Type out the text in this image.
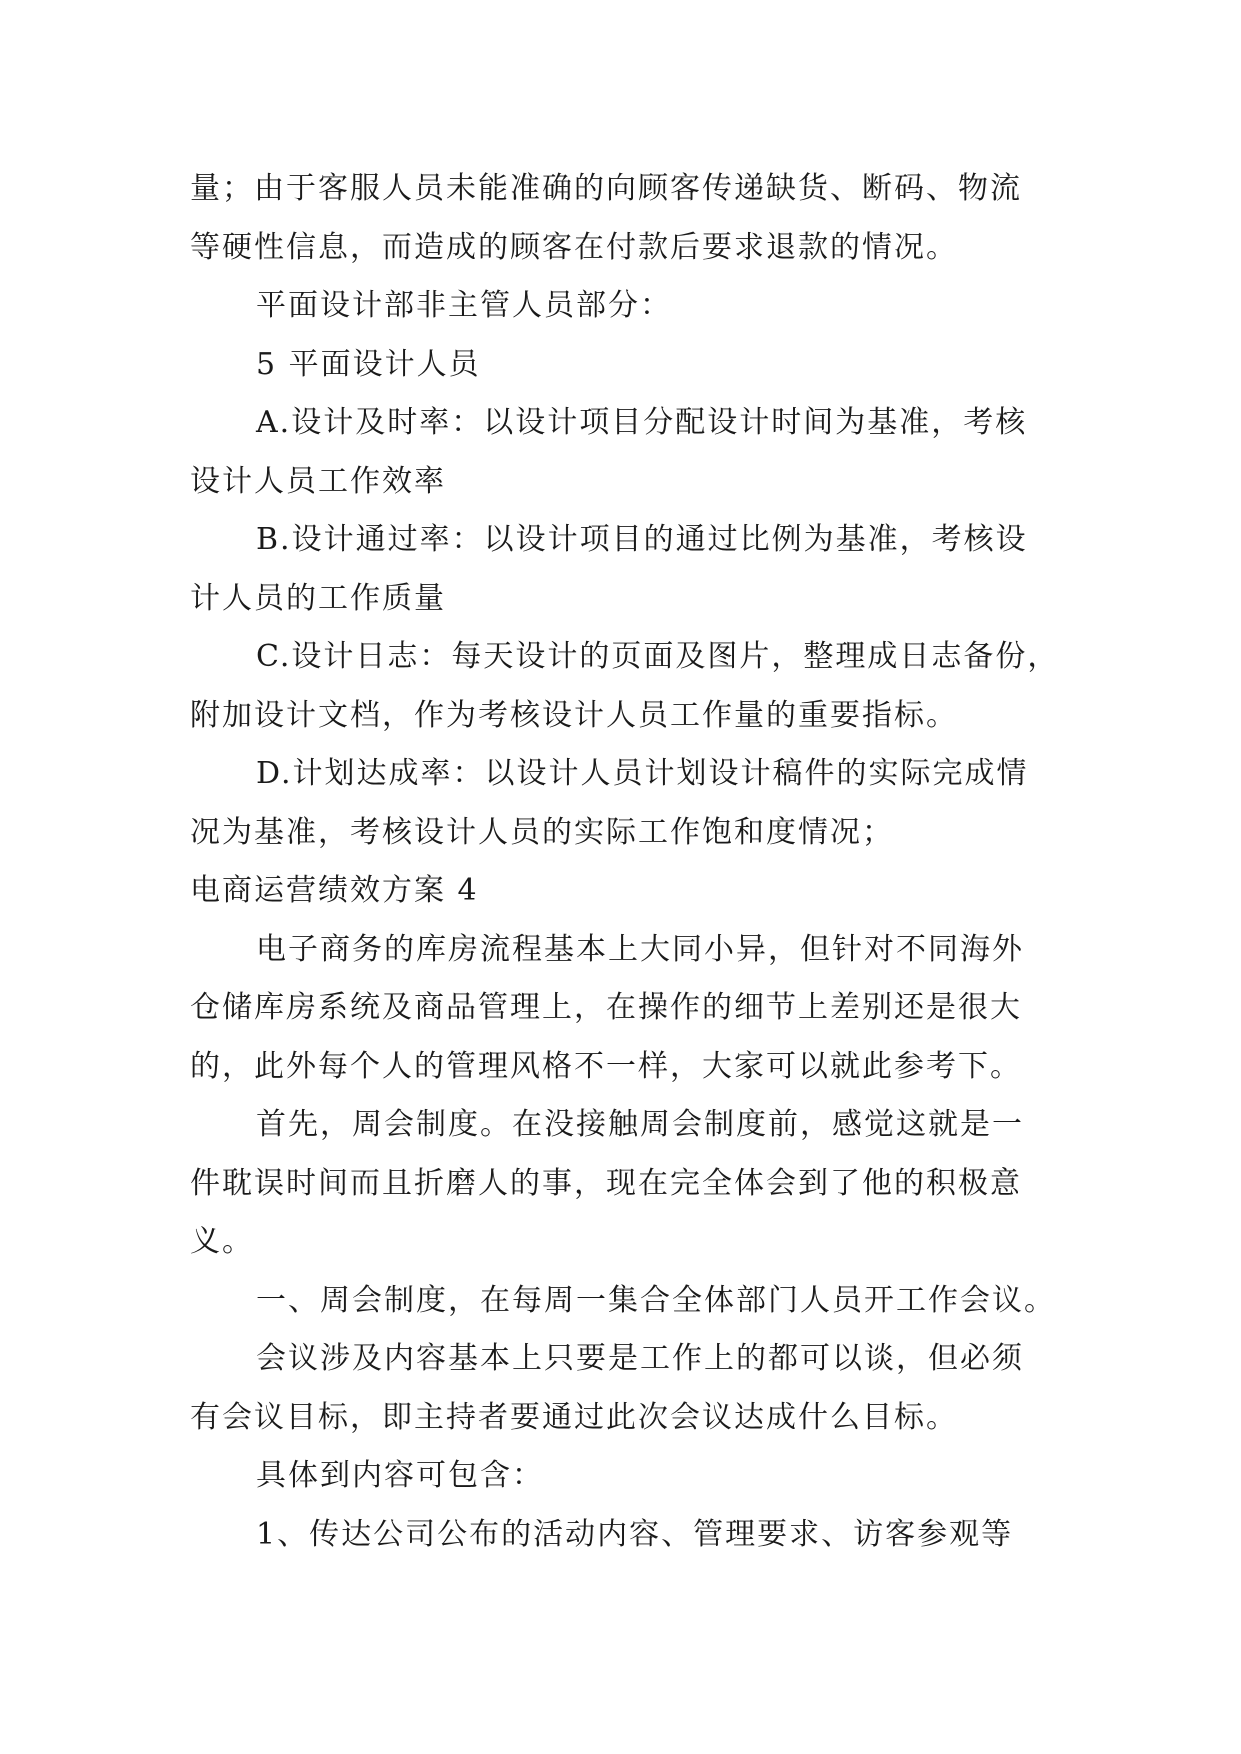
量；由于客服人员未能准确的向顾客传递缺货、断码、物流
等硬性信息，而造成的顾客在付款后要求退款的情况。
平面设计部非主管人员部分：
5 平面设计人员
A.设计及时率：以设计项目分配设计时间为基准，考核
设计人员工作效率
B.设计通过率：以设计项目的通过比例为基准，考核设
计人员的工作质量
C.设计日志：每天设计的页面及图片，整理成日志备份，
附加设计文档，作为考核设计人员工作量的重要指标。
D.计划达成率：以设计人员计划设计稿件的实际完成情
况为基准，考核设计人员的实际工作饱和度情况；
电商运营绩效方案 4
电子商务的库房流程基本上大同小异，但针对不同海外
仓储库房系统及商品管理上，在操作的细节上差别还是很大
的，此外每个人的管理风格不一样，大家可以就此参考下。
首先，周会制度。在没接触周会制度前，感觉这就是一
件耽误时间而且折磨人的事，现在完全体会到了他的积极意
义。
一、周会制度，在每周一集合全体部门人员开工作会议。
会议涉及内容基本上只要是工作上的都可以谈，但必须
有会议目标，即主持者要通过此次会议达成什么目标。
具体到内容可包含：
1、传达公司公布的活动内容、管理要求、访客参观等
